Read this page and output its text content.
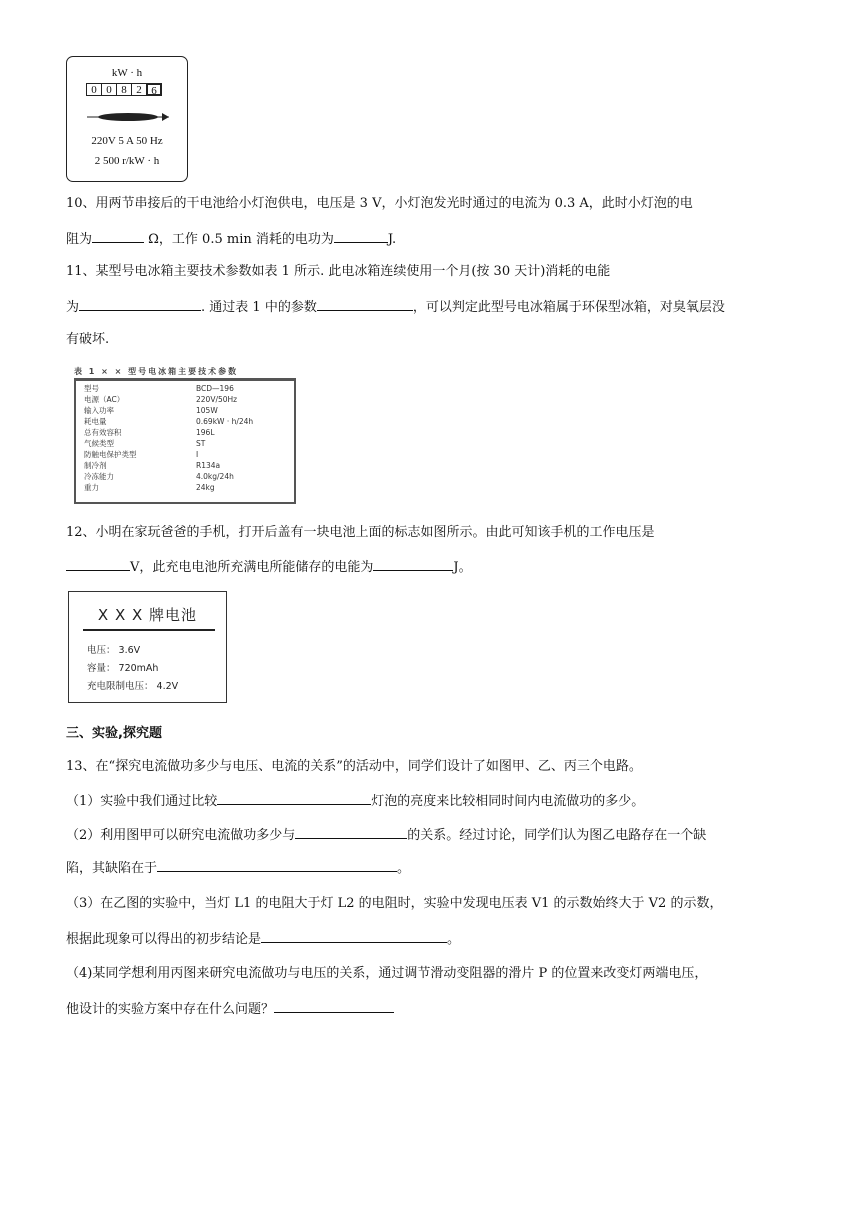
kW · h
0 0 8 2 6
220V 5 A 50 Hz
2 500 r/kW · h
10、用两节串接后的干电池给小灯泡供电，电压是 3 V，小灯泡发光时通过的电流为 0.3 A，此时小灯泡的电
阻为	Ω，工作 0.5 min 消耗的电功为	J.
11、某型号电冰箱主要技术参数如表 1 所示. 此电冰箱连续使用一个月(按 30 天计)消耗的电能
为	. 通过表 1 中的参数	，可以判定此型号电冰箱属于环保型冰箱，对臭氧层没
有破坏.
表 1 × × 型号电冰箱主要技术参数
型号	BCD—196
电源（AC）	220V/50Hz
输入功率	105W
耗电量	0.69kW · h/24h
总有效容积	196L
气候类型	ST
防触电保护类型	I
制冷剂	R134a
冷冻能力	4.0kg/24h
重力	24kg
12、小明在家玩爸爸的手机，打开后盖有一块电池上面的标志如图所示。由此可知该手机的工作电压是
V，此充电电池所充满电所能储存的电能为	J。
X X X 牌电池
电压： 3.6V
容量： 720mAh
充电限制电压： 4.2V
三、实验,探究题
13、在“探究电流做功多少与电压、电流的关系”的活动中，同学们设计了如图甲、乙、丙三个电路。
（1）实验中我们通过比较	灯泡的亮度来比较相同时间内电流做功的多少。
（2）利用图甲可以研究电流做功多少与	的关系。经过讨论，同学们认为图乙电路存在一个缺
陷，其缺陷在于	。
（3）在乙图的实验中，当灯 L1 的电阻大于灯 L2 的电阻时，实验中发现电压表 V1 的示数始终大于 V2 的示数，
根据此现象可以得出的初步结论是	。
（4)某同学想利用丙图来研究电流做功与电压的关系，通过调节滑动变阻器的滑片 P 的位置来改变灯两端电压，
他设计的实验方案中存在什么问题？
